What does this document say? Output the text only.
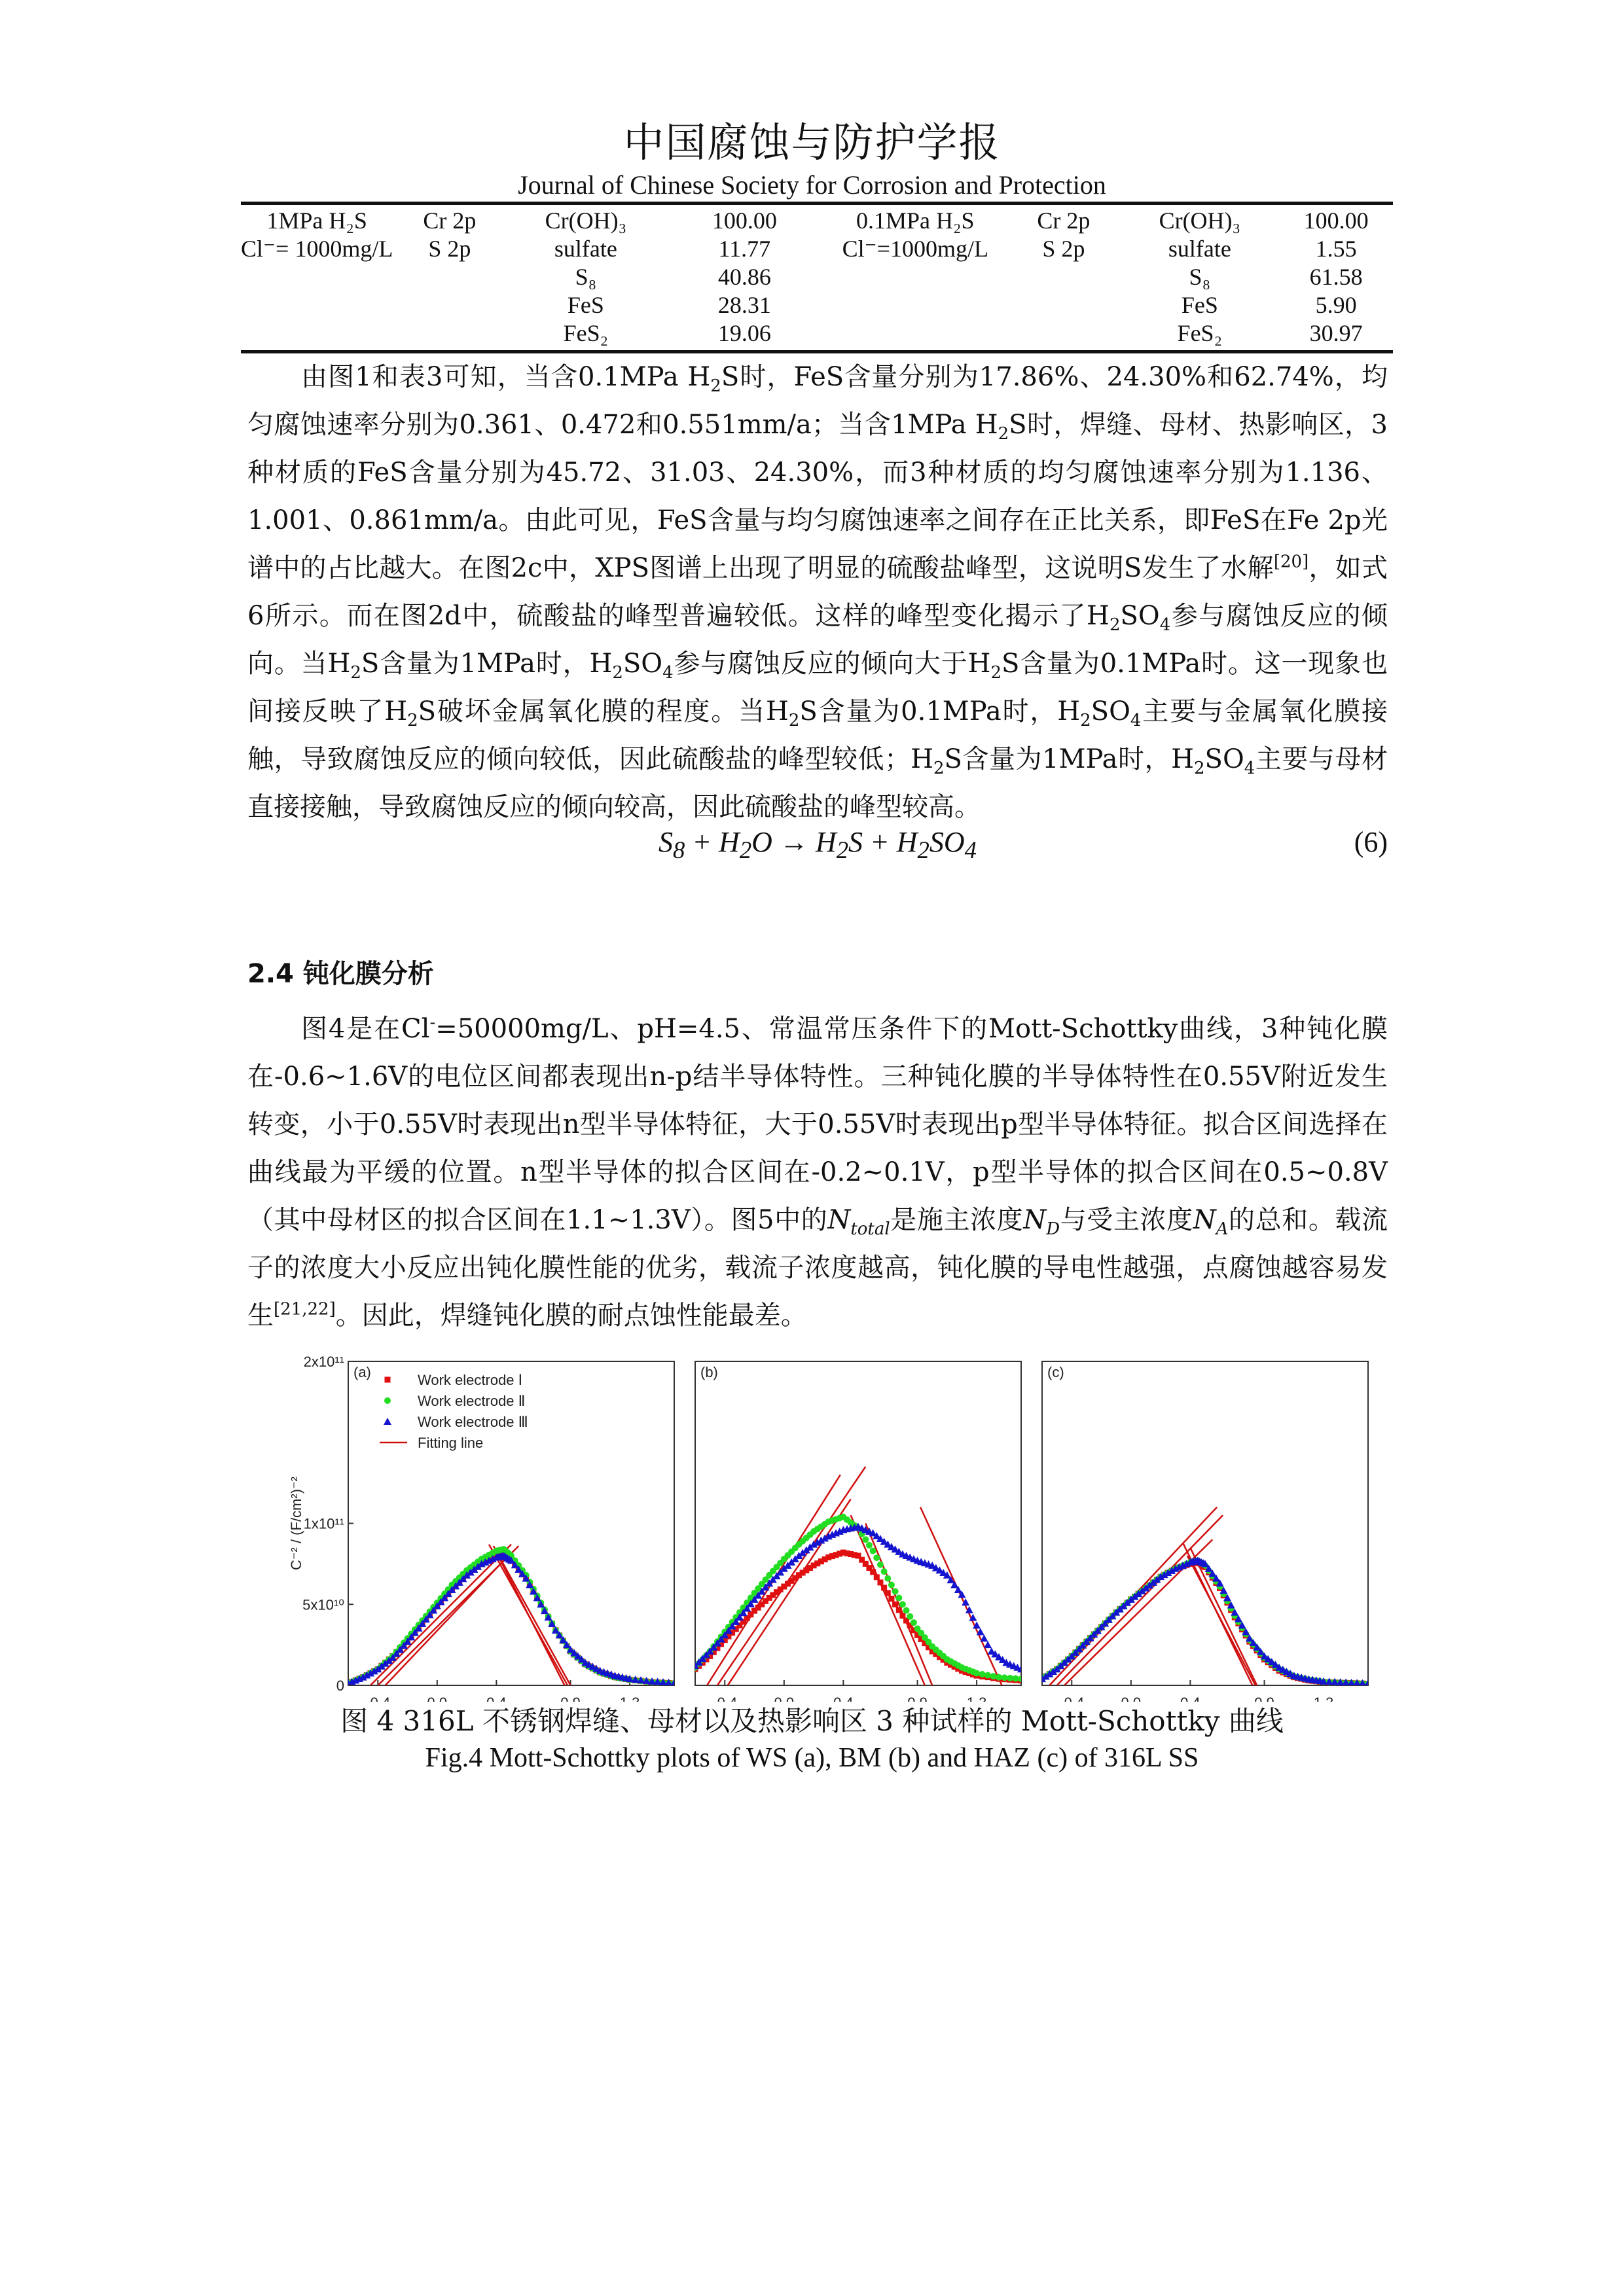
中国腐蚀与防护学报
Journal of Chinese Society for Corrosion and Protection
1MPa H₂S	Cr 2p	Cr(OH)₃	100.00	0.1MPa H₂S	Cr 2p	Cr(OH)₃	100.00
Cl⁻= 1000mg/L	S 2p	sulfate	11.77	Cl⁻=1000mg/L	S 2p	sulfate	1.55
		S₈	40.86			S₈	61.58
		FeS	28.31			FeS	5.90
		FeS₂	19.06			FeS₂	30.97

由图1和表3可知，当含0.1MPa $H_2S$时，FeS含量分别为17.86%、24.30%和62.74%，均匀腐蚀速率分别为0.361、0.472和0.551mm/a；当含1MPa $H_2S$时，焊缝、母材、热影响区，3种材质的FeS含量分别为45.72、31.03、24.30%，而3种材质的均匀腐蚀速率分别为1.136、1.001、0.861mm/a。由此可见，FeS含量与均匀腐蚀速率之间存在正比关系，即FeS在Fe 2p光谱中的占比越大。在图2c中，XPS图谱上出现了明显的硫酸盐峰型，这说明S发生了水解[20]，如式6所示。而在图2d中，硫酸盐的峰型普遍较低。这样的峰型变化揭示了$H_2SO_4$参与腐蚀反应的倾向。当$H_2S$含量为1MPa时，$H_2SO_4$参与腐蚀反应的倾向大于$H_2S$含量为0.1MPa时。这一现象也间接反映了$H_2S$破坏金属氧化膜的程度。当$H_2S$含量为0.1MPa时，$H_2SO_4$主要与金属氧化膜接触，导致腐蚀反应的倾向较低，因此硫酸盐的峰型较低；$H_2S$含量为1MPa时，$H_2SO_4$主要与母材直接接触，导致腐蚀反应的倾向较高，因此硫酸盐的峰型较高。

$S_8 + H_2O \to H_2S + H_2SO_4$	(6)
2.4 钝化膜分析

图4是在Cl-=50000mg/L、pH=4.5、常温常压条件下的Mott-Schottky曲线，3种钝化膜在-0.6~1.6V的电位区间都表现出n-p结半导体特性。三种钝化膜的半导体特性在0.55V附近发生转变，小于0.55V时表现出n型半导体特征，大于0.55V时表现出p型半导体特征。拟合区间选择在曲线最为平缓的位置。n型半导体的拟合区间在-0.2~0.1V，p型半导体的拟合区间在0.5~0.8V（其中母材区的拟合区间在1.1~1.3V）。图5中的$N_{total}$是施主浓度$N_D$与受主浓度$N_A$的总和。载流子的浓度大小反应出钝化膜性能的优劣，载流子浓度越高，钝化膜的导电性越强，点腐蚀越容易发生[21,22]。因此，焊缝钝化膜的耐点蚀性能最差。

(a)
0
5x10¹⁰
1x10¹¹
2x10¹¹
C⁻² / (F/cm²)⁻²
Work electrode Ⅰ
Work electrode Ⅱ
Work electrode Ⅲ
Fitting line
(b)	(c)
图 4 316L 不锈钢焊缝、母材以及热影响区 3 种试样的 Mott-Schottky 曲线
Fig.4 Mott-Schottky plots of WS (a), BM (b) and HAZ (c) of 316L SS
